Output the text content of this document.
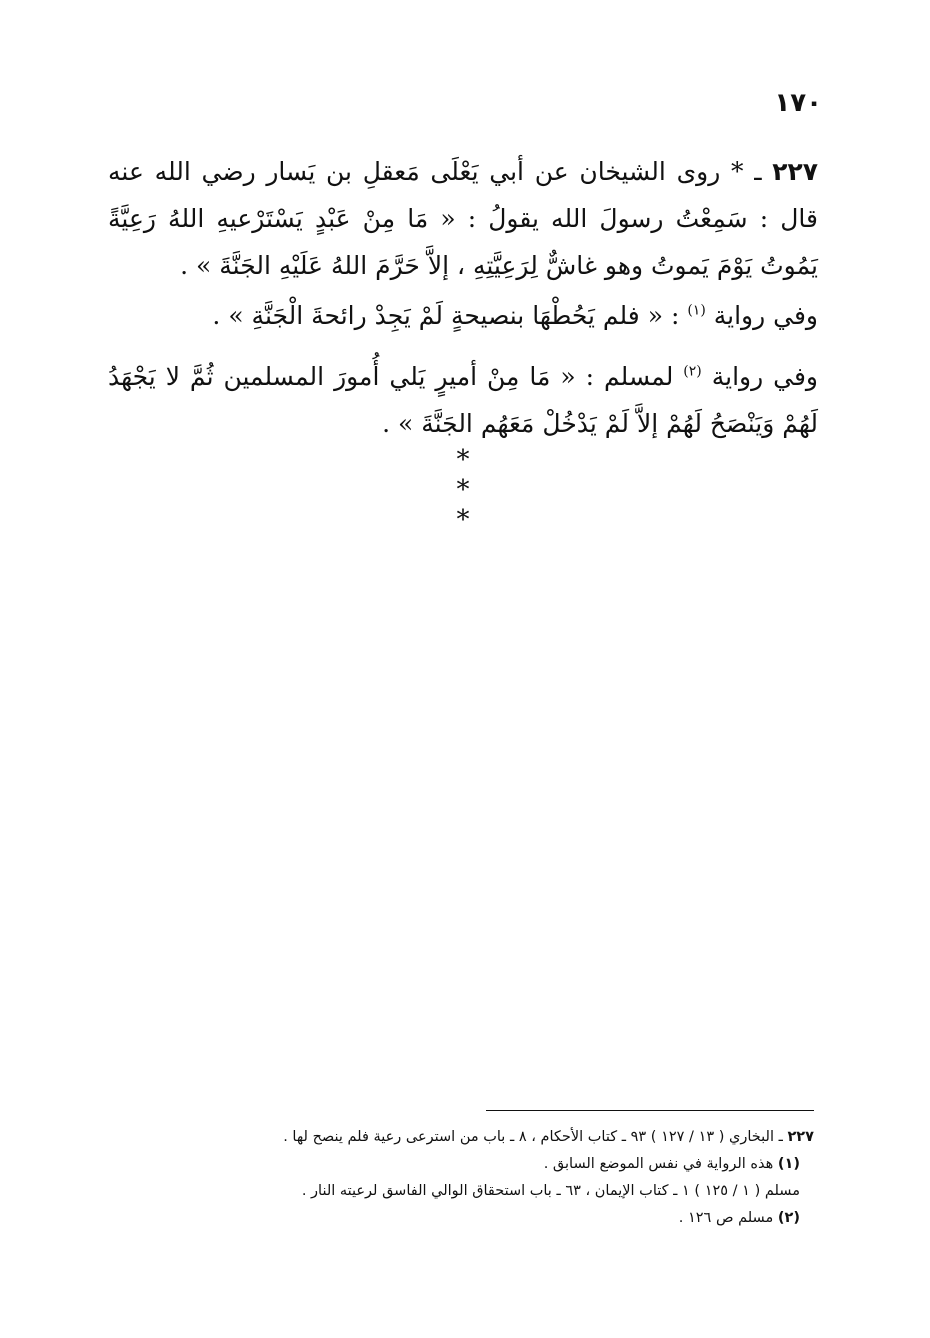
١٧٠

٢٢٧ ـ * روى الشيخان عن أبي يَعْلَى مَعقلِ بن يَسار رضي الله عنه قال : سَمِعْتُ رسولَ الله يقولُ : « مَا مِنْ عَبْدٍ يَسْتَرْعيهِ اللهُ رَعِيَّةً يَمُوتُ يَوْمَ يَموتُ وهو غاشٌّ لِرَعِيَّتِهِ ، إلاَّ حَرَّمَ اللهُ عَلَيْهِ الجَنَّةَ » .

وفي رواية $^{(١)}$ : « فلم يَحُطْهَا بنصيحةٍ لَمْ يَجِدْ رائحةَ الْجَنَّةِ » .

وفي رواية $^{(٢)}$ لمسلم : « مَا مِنْ أميرٍ يَلي أُمورَ المسلمين ثُمَّ لا يَجْهَدُ لَهُمْ وَيَنْصَحُ لَهُمْ إلاَّ لَمْ يَدْخُلْ مَعَهُم الجَنَّةَ » .

* * *
٢٢٧ ـ البخاري ( ١٣ / ١٢٧ ) ٩٣ ـ كتاب الأحكام ، ٨ ـ باب من استرعى رعية فلم ينصح لها .
(١) هذه الرواية في نفس الموضع السابق .
مسلم ( ١ / ١٢٥ ) ١ ـ كتاب الإيمان ، ٦٣ ـ باب استحقاق الوالي الفاسق لرعيته النار .
(٢) مسلم ص ١٢٦ .
